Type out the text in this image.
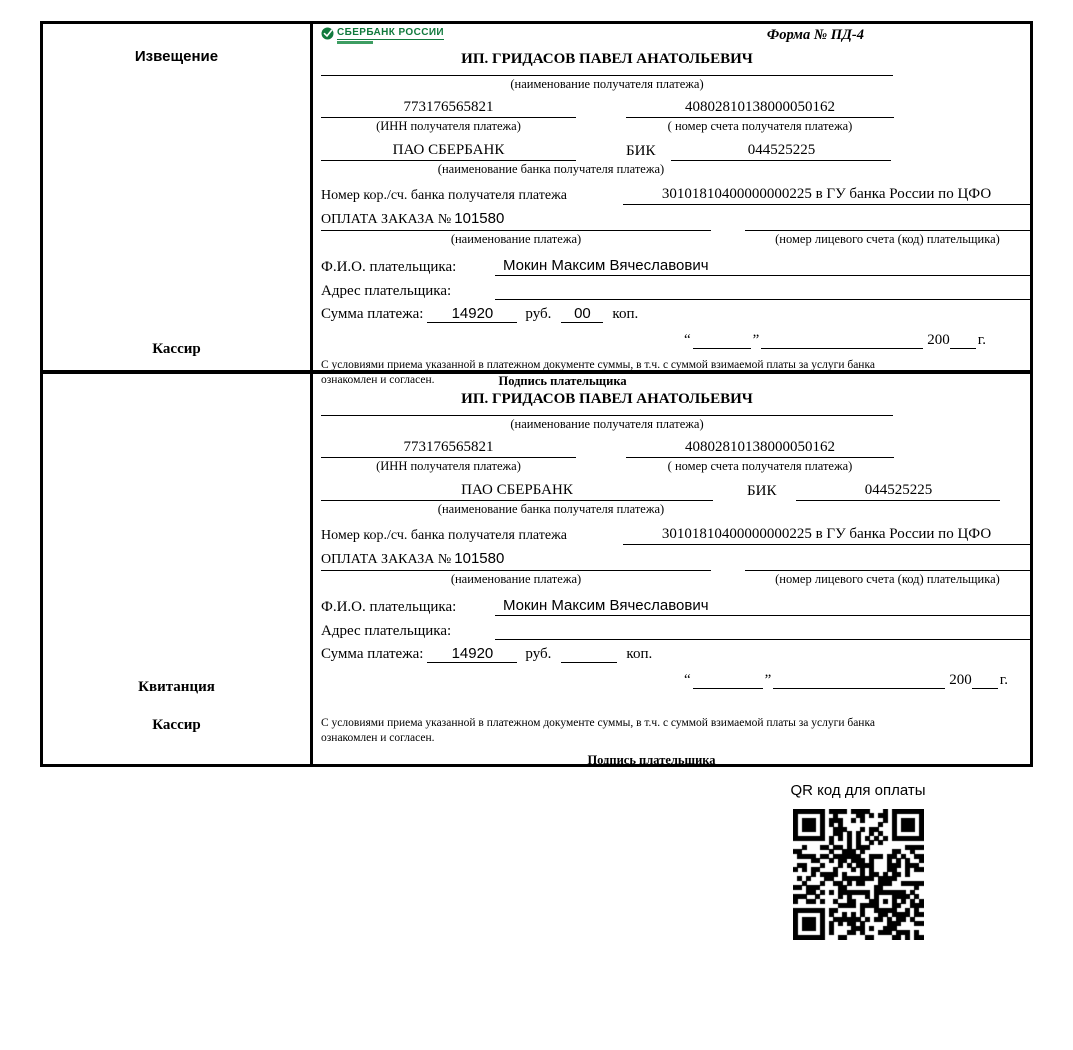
Извещение
Кассир
СБЕРБАНК РОССИИ	Форма № ПД-4
ИП. ГРИДАСОВ ПАВЕЛ АНАТОЛЬЕВИЧ
(наименование получателя платежа)
773176565821	40802810138000050162
(ИНН получателя платежа)	( номер счета получателя платежа)
ПАО СБЕРБАНК	БИК	044525225
(наименование банка получателя платежа)
Номер кор./сч. банка получателя платежа	30101810400000000225 в ГУ банка России по ЦФО
ОПЛАТА ЗАКАЗА № 101580
(наименование платежа)	(номер лицевого счета (код) плательщика)
Ф.И.О. плательщика:	Мокин Максим Вячеславович
Адрес плательщика:
Сумма платежа:	14920	руб.	00	коп.
“	”	200 г.
С условиями приема указанной в платежном документе суммы, в т.ч. с суммой взимаемой платы за услуги банка
ознакомлен и согласен.	Подпись плательщика
Квитанция
Кассир
ИП. ГРИДАСОВ ПАВЕЛ АНАТОЛЬЕВИЧ
(наименование получателя платежа)
773176565821	40802810138000050162
(ИНН получателя платежа)	( номер счета получателя платежа)
ПАО СБЕРБАНК	БИК	044525225
(наименование банка получателя платежа)
Номер кор./сч. банка получателя платежа	30101810400000000225 в ГУ банка России по ЦФО
ОПЛАТА ЗАКАЗА № 101580
(наименование платежа)	(номер лицевого счета (код) плательщика)
Ф.И.О. плательщика:	Мокин Максим Вячеславович
Адрес плательщика:
Сумма платежа:	14920	руб.	коп.
“	”	200 г.
С условиями приема указанной в платежном документе суммы, в т.ч. с суммой взимаемой платы за услуги банка
ознакомлен и согласен.
Подпись плательщика
QR код для оплаты
